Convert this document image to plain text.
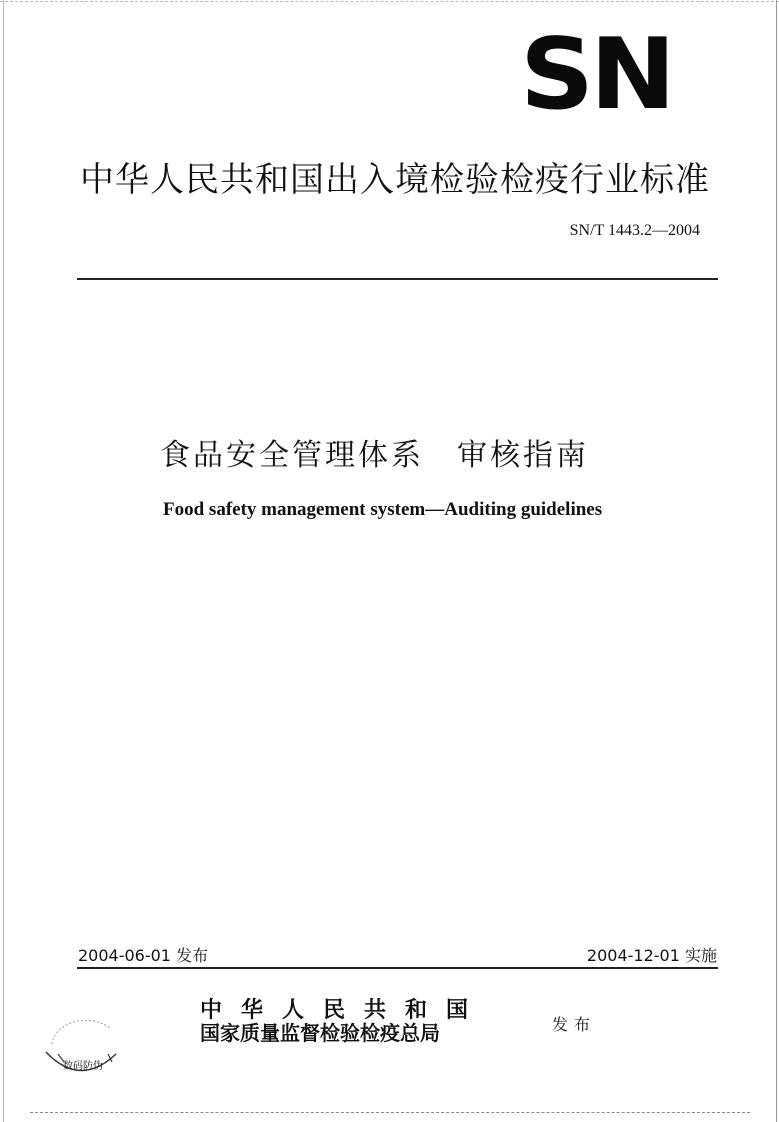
SN
中华人民共和国出入境检验检疫行业标准
SN/T 1443.2—2004
食品安全管理体系　审核指南
Food safety management system—Auditing guidelines
2004-06-01 发布	2004-12-01 实施
中华人民共和国
国家质量监督检验检疫总局	发布
数码防伪
